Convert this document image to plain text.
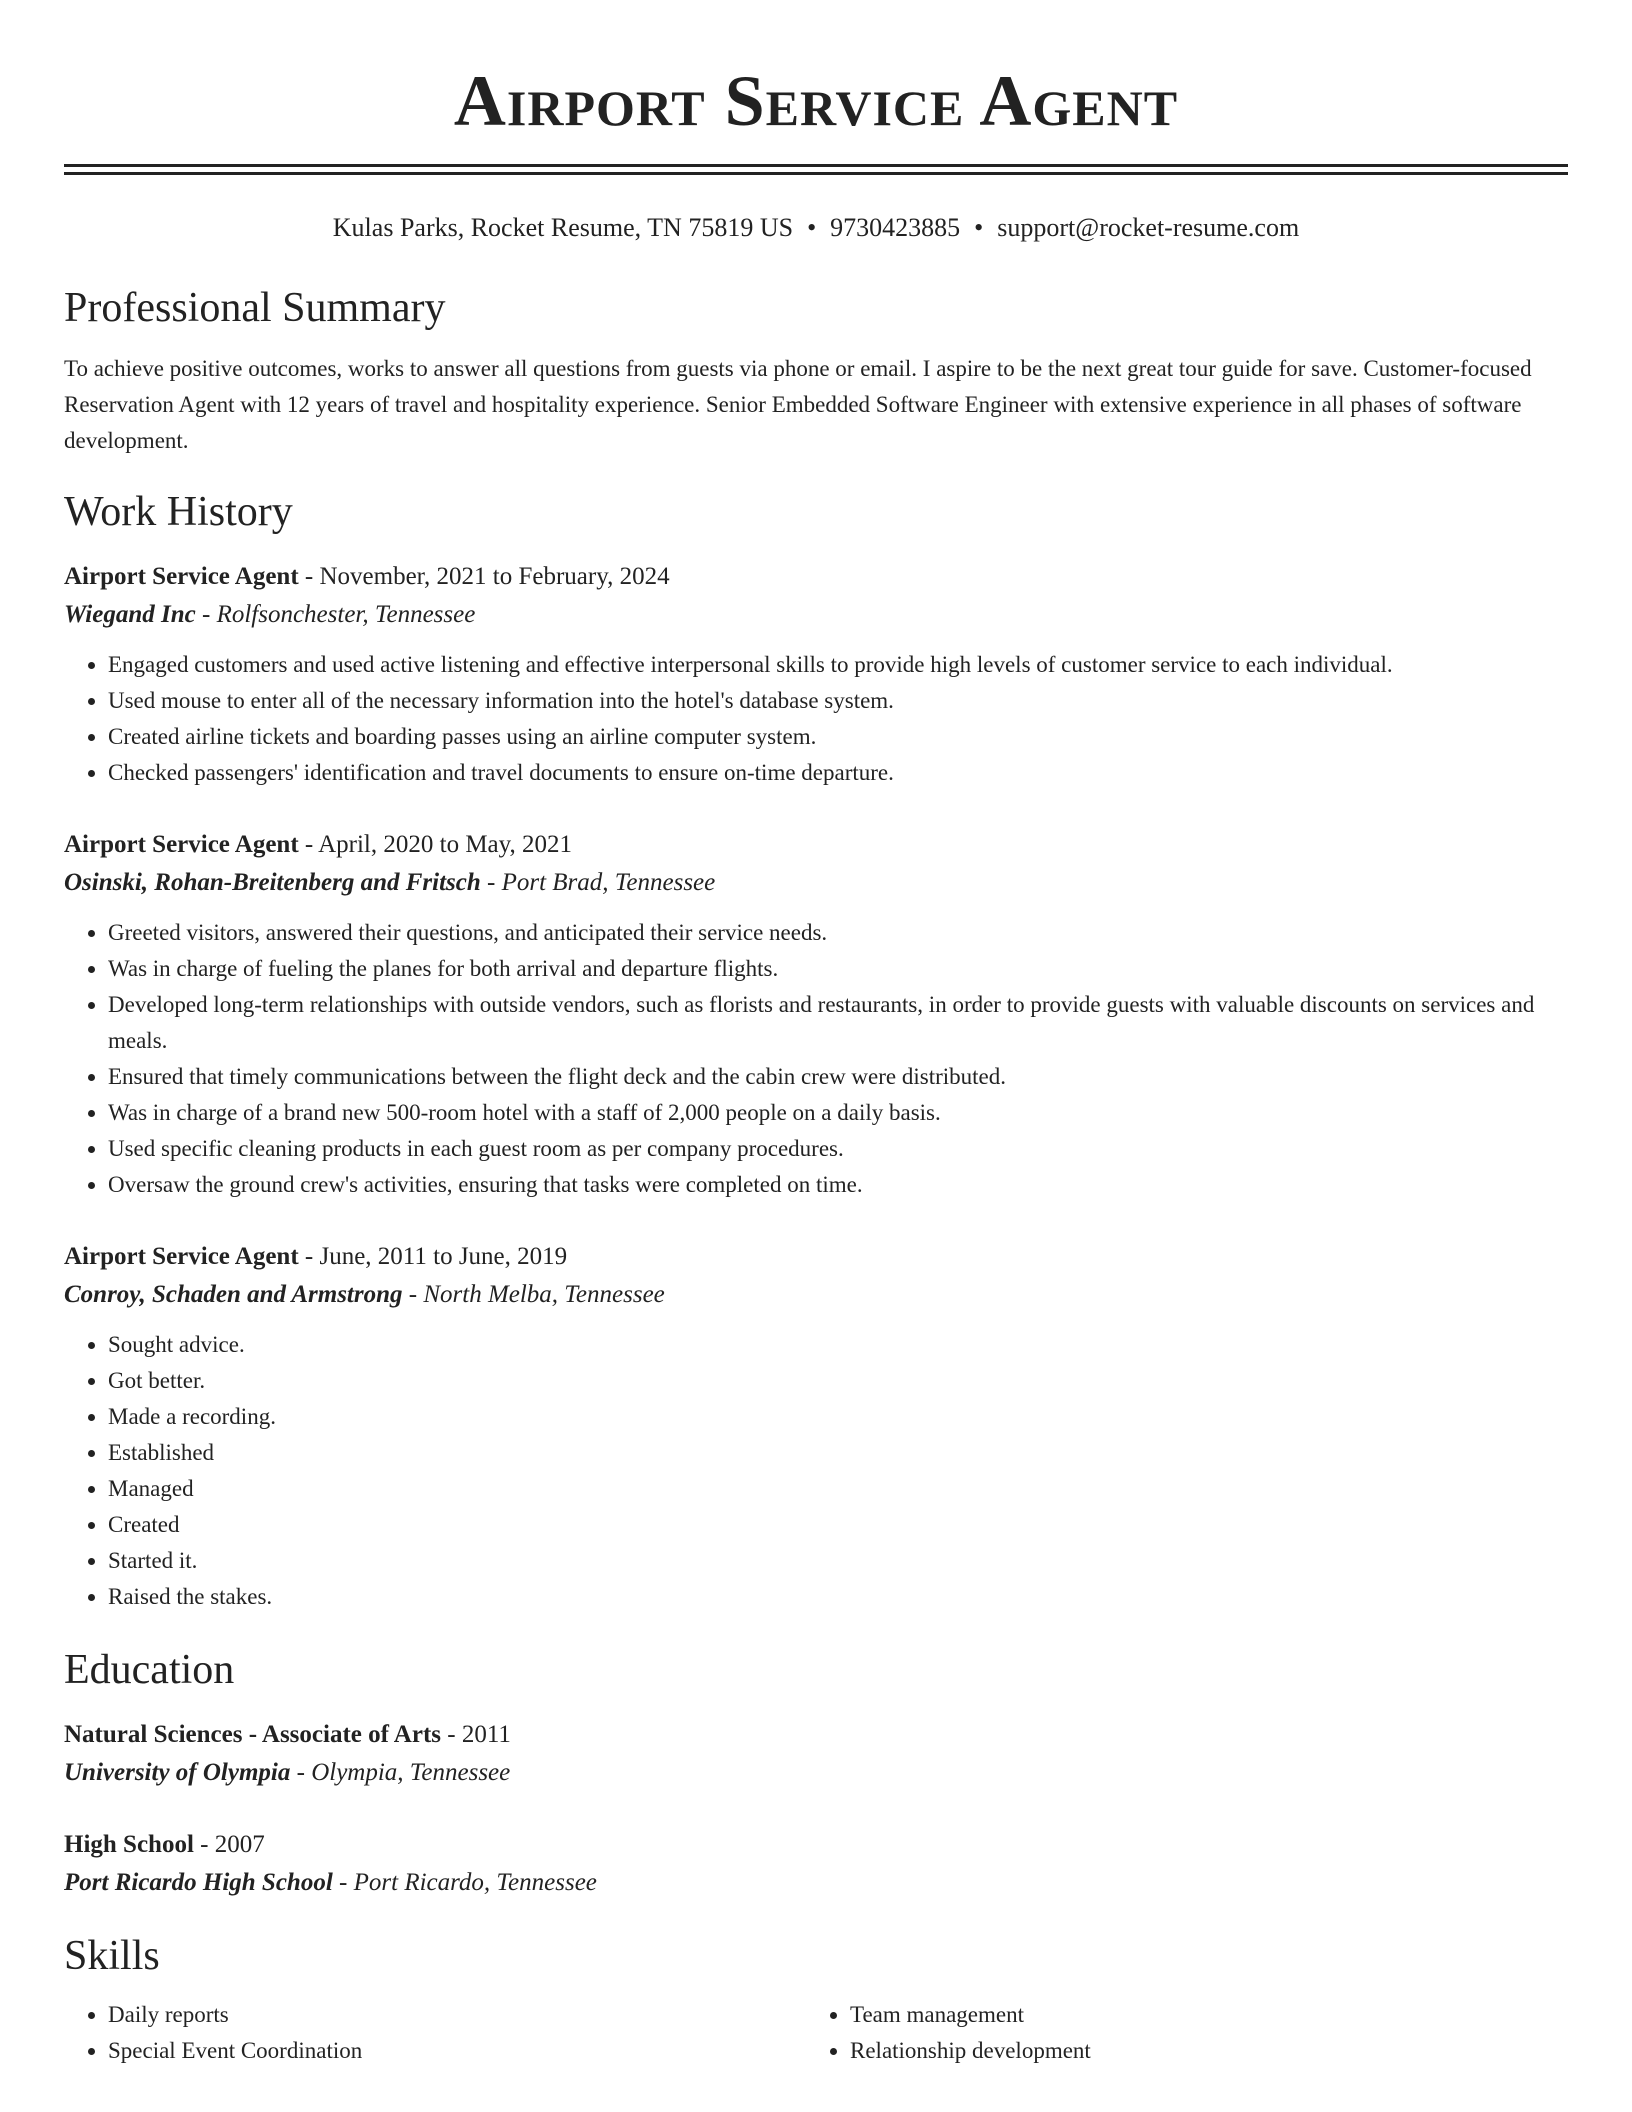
Airport Service Agent
Kulas Parks, Rocket Resume, TN 75819 US • 9730423885 • support@rocket-resume.com
Professional Summary

To achieve positive outcomes, works to answer all questions from guests via phone or email. I aspire to be the next great tour guide for save. Customer-focused Reservation Agent with 12 years of travel and hospitality experience. Senior Embedded Software Engineer with extensive experience in all phases of software development.

Work History
Airport Service Agent - November, 2021 to February, 2024
Wiegand Inc - Rolfsonchester, Tennessee
• Engaged customers and used active listening and effective interpersonal skills to provide high levels of customer service to each individual.
• Used mouse to enter all of the necessary information into the hotel's database system.
• Created airline tickets and boarding passes using an airline computer system.
• Checked passengers' identification and travel documents to ensure on-time departure.
Airport Service Agent - April, 2020 to May, 2021
Osinski, Rohan-Breitenberg and Fritsch - Port Brad, Tennessee
• Greeted visitors, answered their questions, and anticipated their service needs.
• Was in charge of fueling the planes for both arrival and departure flights.
• Developed long-term relationships with outside vendors, such as florists and restaurants, in order to provide guests with valuable discounts on services and meals.
• Ensured that timely communications between the flight deck and the cabin crew were distributed.
• Was in charge of a brand new 500-room hotel with a staff of 2,000 people on a daily basis.
• Used specific cleaning products in each guest room as per company procedures.
• Oversaw the ground crew's activities, ensuring that tasks were completed on time.
Airport Service Agent - June, 2011 to June, 2019
Conroy, Schaden and Armstrong - North Melba, Tennessee
• Sought advice.
• Got better.
• Made a recording.
• Established
• Managed
• Created
• Started it.
• Raised the stakes.
Education
Natural Sciences - Associate of Arts - 2011
University of Olympia - Olympia, Tennessee
High School - 2007
Port Ricardo High School - Port Ricardo, Tennessee
Skills
• Daily reports
• Special Event Coordination
• Team management
• Relationship development
